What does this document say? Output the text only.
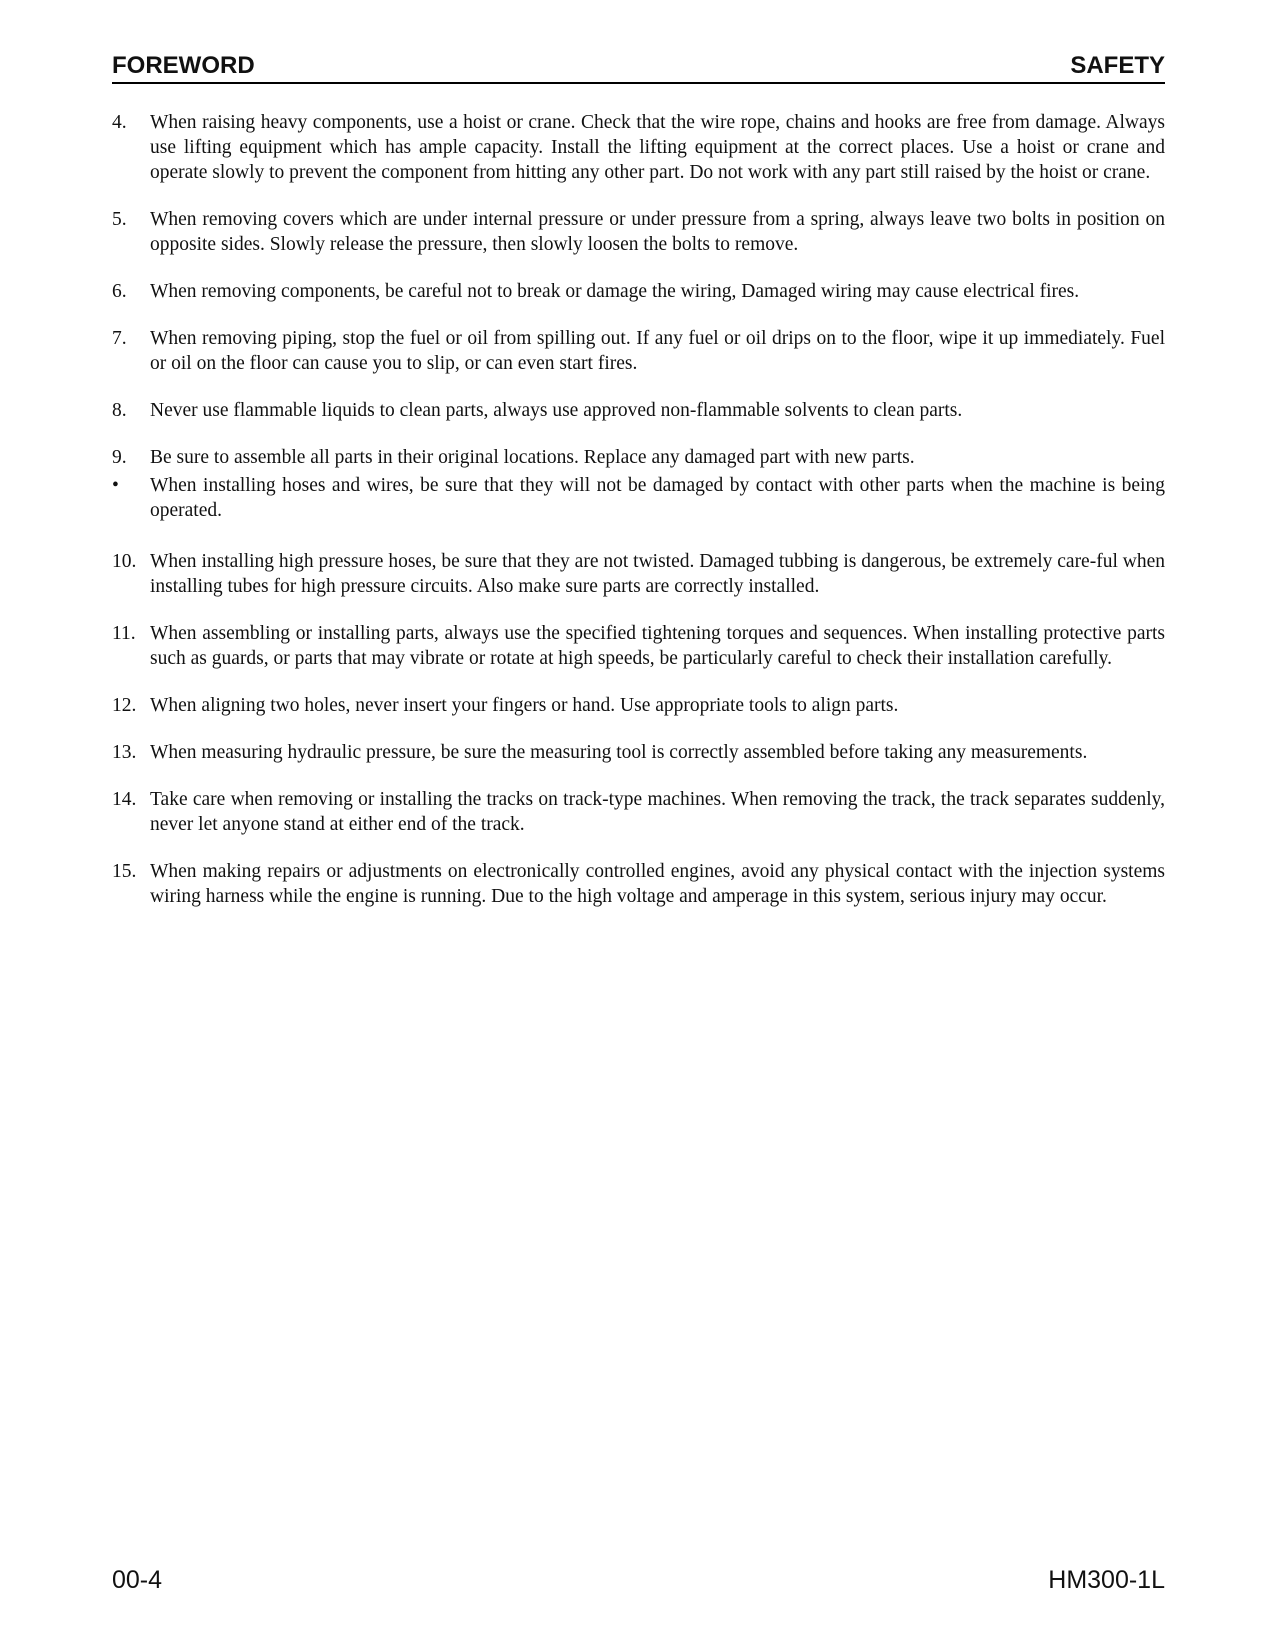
FOREWORD	SAFETY
4.	When raising heavy components, use a hoist or crane. Check that the wire rope, chains and hooks are free from damage. Always use lifting equipment which has ample capacity. Install the lifting equipment at the correct places. Use a hoist or crane and operate slowly to prevent the component from hitting any other part. Do not work with any part still raised by the hoist or crane.
5.	When removing covers which are under internal pressure or under pressure from a spring, always leave two bolts in position on opposite sides. Slowly release the pressure, then slowly loosen the bolts to remove.
6.	When removing components, be careful not to break or damage the wiring, Damaged wiring may cause electrical fires.
7.	When removing piping, stop the fuel or oil from spilling out. If any fuel or oil drips on to the floor, wipe it up immediately. Fuel or oil on the floor can cause you to slip, or can even start fires.
8.	Never use flammable liquids to clean parts, always use approved non-flammable solvents to clean parts.
9.	Be sure to assemble all parts in their original locations. Replace any damaged part with new parts.
•	When installing hoses and wires, be sure that they will not be damaged by contact with other parts when the machine is being operated.
10. When installing high pressure hoses, be sure that they are not twisted. Damaged tubbing is dangerous, be extremely care-ful when installing tubes for high pressure circuits. Also make sure parts are correctly installed.
11. When assembling or installing parts, always use the specified tightening torques and sequences. When installing protective parts such as guards, or parts that may vibrate or rotate at high speeds, be particularly careful to check their installation carefully.
12. When aligning two holes, never insert your fingers or hand. Use appropriate tools to align parts.
13. When measuring hydraulic pressure, be sure the measuring tool is correctly assembled before taking any measurements.
14. Take care when removing or installing the tracks on track-type machines. When removing the track, the track separates suddenly, never let anyone stand at either end of the track.
15. When making repairs or adjustments on electronically controlled engines, avoid any physical contact with the injection systems wiring harness while the engine is running. Due to the high voltage and amperage in this system, serious injury may occur.
00-4	HM300-1L
